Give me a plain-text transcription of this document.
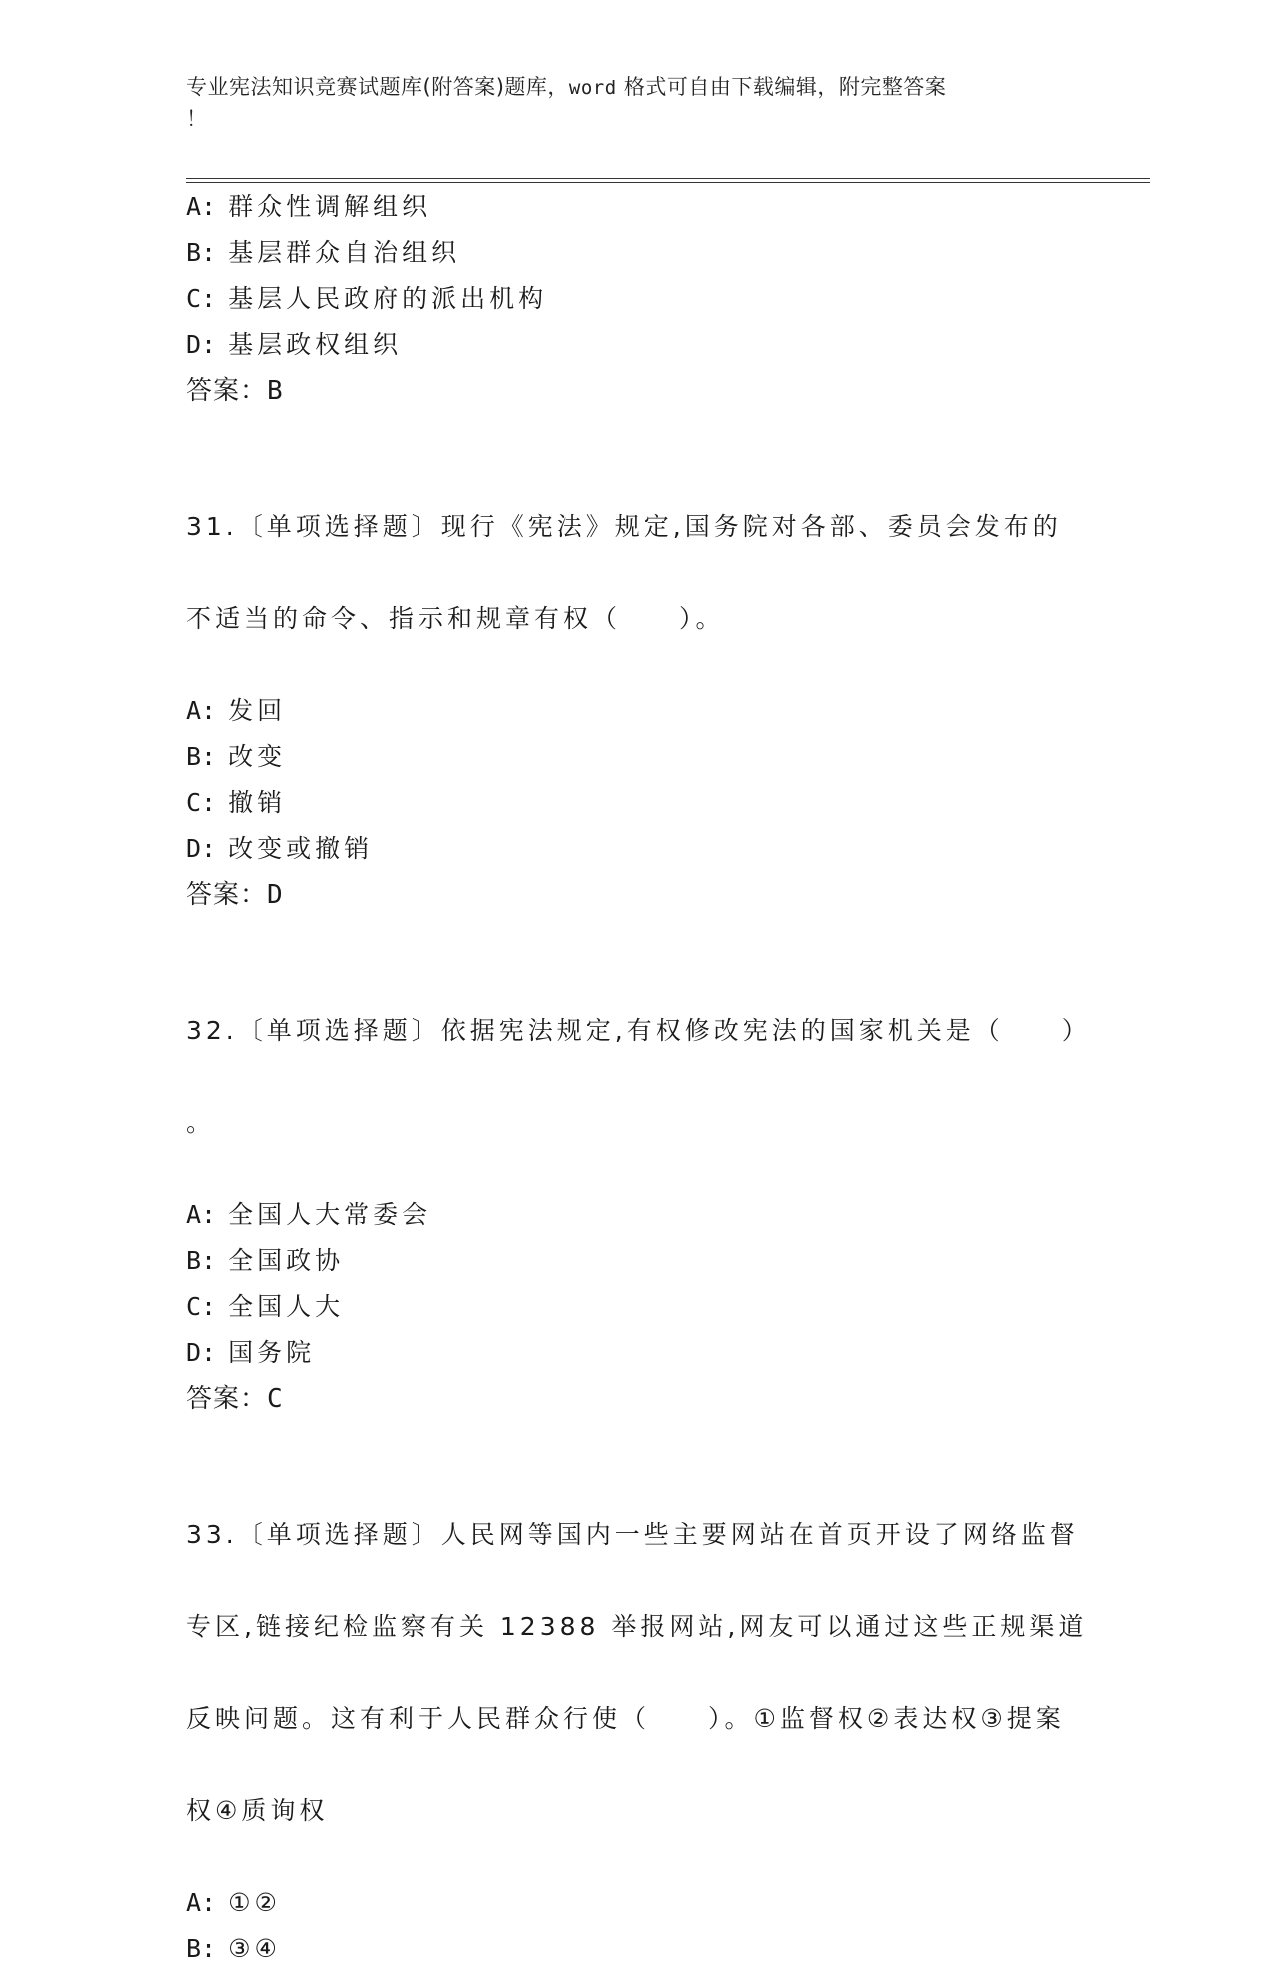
专业宪法知识竞赛试题库(附答案)题库，word 格式可自由下载编辑，附完整答案
！
A: 群众性调解组织
B: 基层群众自治组织
C: 基层人民政府的派出机构
D: 基层政权组织
答案：B

31.〔单项选择题〕现行《宪法》规定,国务院对各部、委员会发布的

不适当的命令、指示和规章有权（　　）。

A: 发回
B: 改变
C: 撤销
D: 改变或撤销
答案：D

32.〔单项选择题〕依据宪法规定,有权修改宪法的国家机关是（　　）

。

A: 全国人大常委会
B: 全国政协
C: 全国人大
D: 国务院
答案：C

33.〔单项选择题〕人民网等国内一些主要网站在首页开设了网络监督

专区,链接纪检监察有关 12388 举报网站,网友可以通过这些正规渠道

反映问题。这有利于人民群众行使（　　）。①监督权②表达权③提案

权④质询权

A: ①②
B: ③④
